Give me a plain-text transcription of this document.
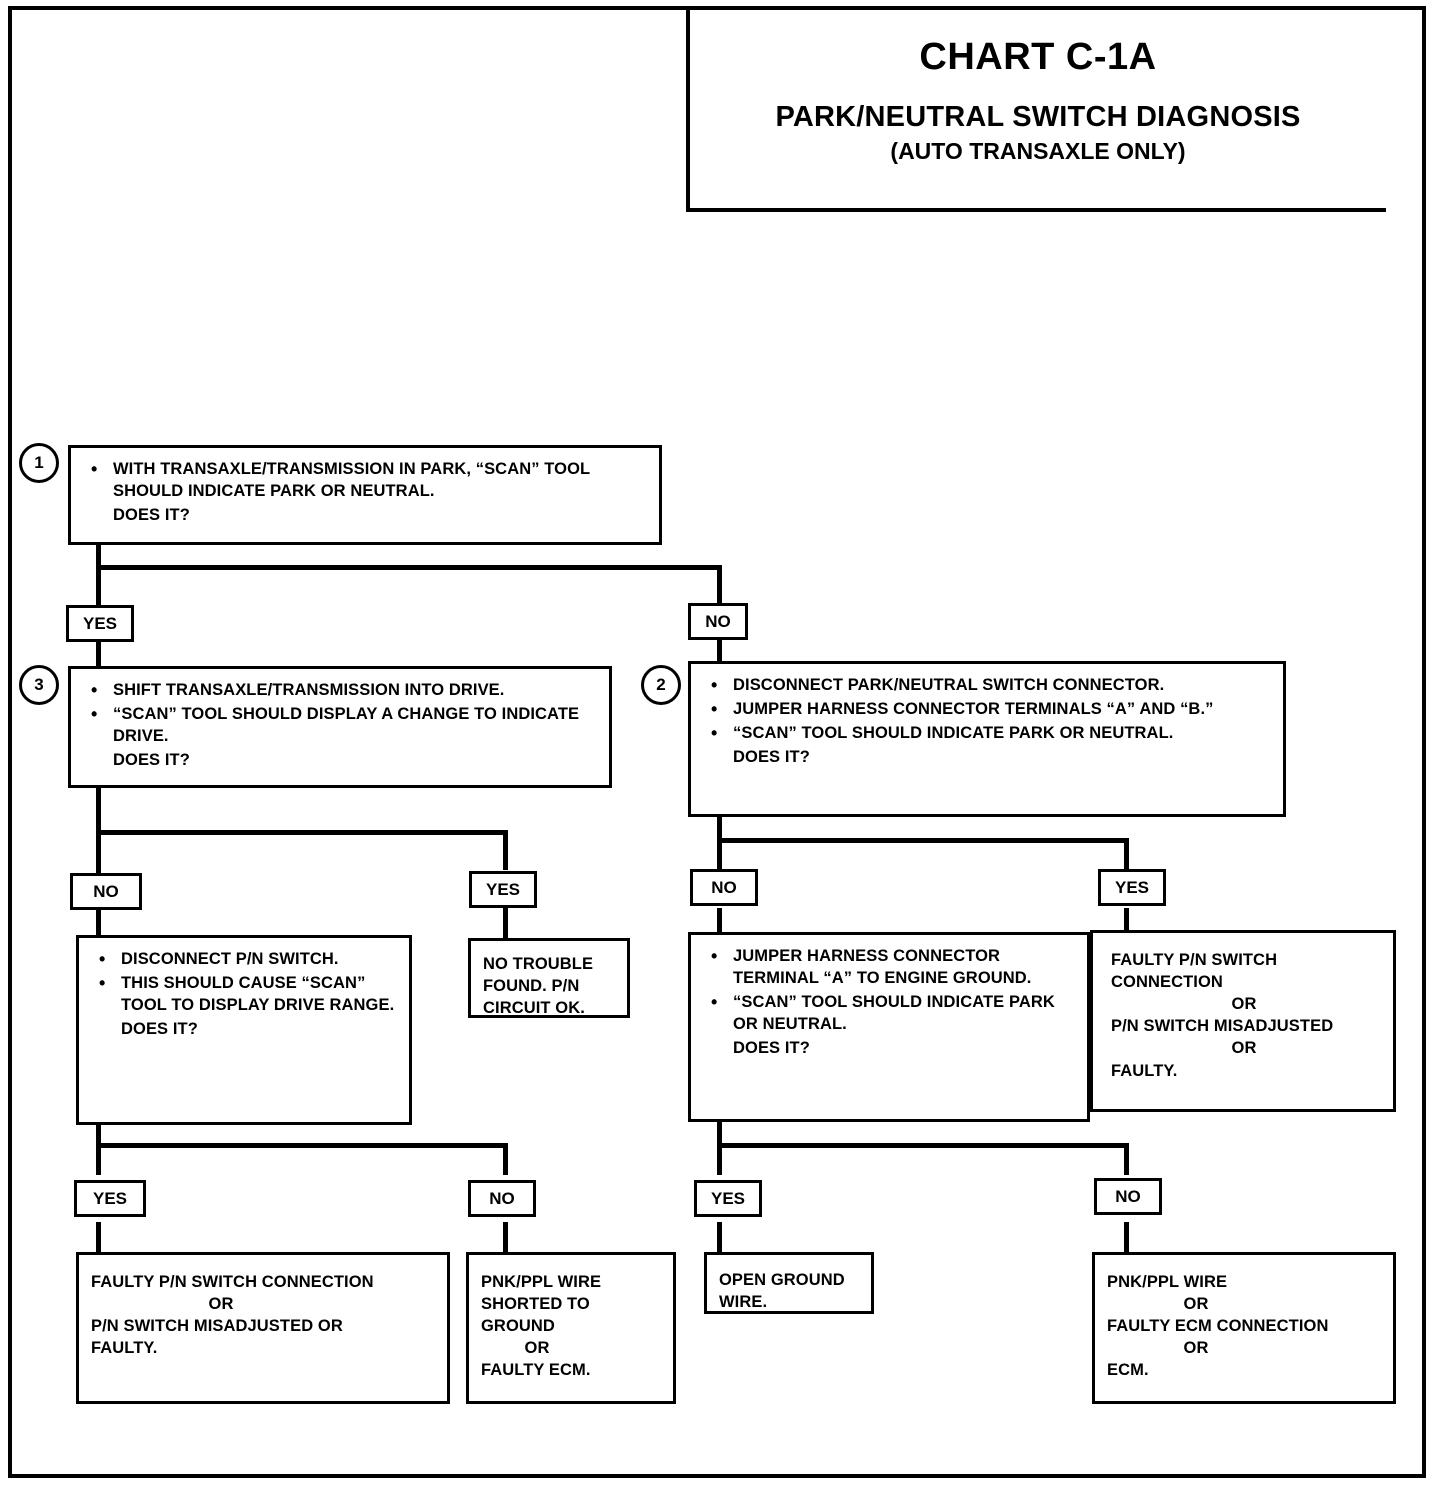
CHART C-1A
PARK/NEUTRAL SWITCH DIAGNOSIS
(AUTO TRANSAXLE ONLY)
1	• WITH TRANSAXLE/TRANSMISSION IN PARK, “SCAN” TOOL SHOULD INDICATE PARK OR NEUTRAL.
DOES IT?
YES	NO
3	• SHIFT TRANSAXLE/TRANSMISSION INTO DRIVE.
• “SCAN” TOOL SHOULD DISPLAY A CHANGE TO INDICATE DRIVE.
DOES IT?
2	• DISCONNECT PARK/NEUTRAL SWITCH CONNECTOR.
• JUMPER HARNESS CONNECTOR TERMINALS “A” AND “B.”
• “SCAN” TOOL SHOULD INDICATE PARK OR NEUTRAL.
DOES IT?
NO	YES	NO	YES
• DISCONNECT P/N SWITCH.
• THIS SHOULD CAUSE “SCAN” TOOL TO DISPLAY DRIVE RANGE.
DOES IT?
NO TROUBLE
FOUND. P/N
CIRCUIT OK.
• JUMPER HARNESS CONNECTOR TERMINAL “A” TO ENGINE GROUND.
• “SCAN” TOOL SHOULD INDICATE PARK OR NEUTRAL.
DOES IT?
FAULTY P/N SWITCH
CONNECTION
OR
P/N SWITCH MISADJUSTED
OR
FAULTY.
YES	NO	YES	NO
FAULTY P/N SWITCH CONNECTION
OR
P/N SWITCH MISADJUSTED OR
FAULTY.
PNK/PPL WIRE
SHORTED TO
GROUND
OR
FAULTY ECM.
OPEN GROUND
WIRE.
PNK/PPL WIRE
OR
FAULTY ECM CONNECTION
OR
ECM.
